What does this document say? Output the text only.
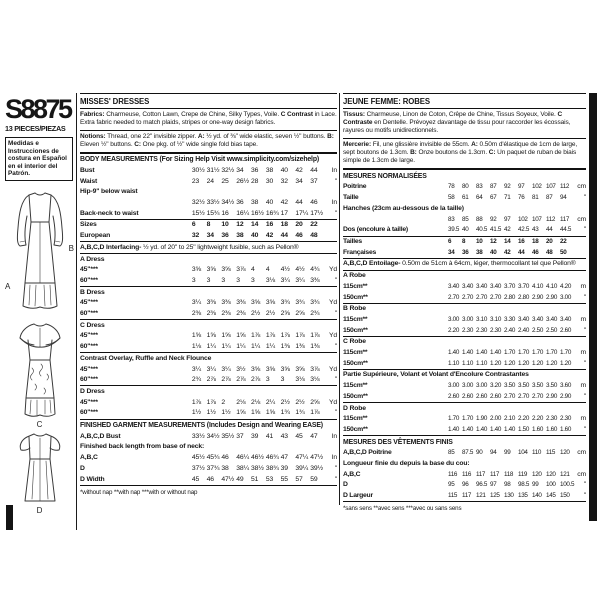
S8875
13 PIECES/PIEZAS
Medidas e Instrucciones de costura en Español en el interior del Patrón.
A
B
C
D
MISSES' DRESSES
Fabrics: Charmeuse, Cotton Lawn, Crepe de Chine, Silky Types, Voile. C Contrast in Lace. Extra fabric needed to match plaids, stripes or one-way design fabrics.
Notions: Thread, one 22" invisible zipper. A: ½ yd. of ⅜" wide elastic, seven ½" buttons. B: Eleven ½" buttons. C: One pkg. of ½" wide single fold bias tape.
BODY MEASUREMENTS (For Sizing Help Visit www.simplicity.com/sizehelp)
Bust	30½ 31½ 32½ 34	36	38	40	42	44	In
Waist	23	24	25	26½ 28	30	32	34	37	"
Hip-9" below waist
32½ 33½ 34½ 36	38	40	42	44	46	In
Back-neck to waist	15½ 15¾ 16	16¼ 16½ 16¾ 17	17¼ 17½	"
Sizes	6	8	10	12	14	16	18	20	22
European	32	34	36	38	40	42	44	46	48
A,B,C,D Interfacing- ½ yd. of 20" to 25" lightweight fusible, such as Pellon®
A Dress
45"***	3⅝ 3⅝ 3⅝ 3⅞ 4	4	4½ 4½ 4¾	Yd
60"***	3	3	3	3	3	3⅛ 3¼ 3¼ 3⅜	"
B Dress
45"***	3¼ 3⅜ 3⅜ 3⅜ 3⅝ 3⅝ 3¾ 3¾ 3¾	Yd
60"***	2⅜ 2⅜ 2⅜ 2⅜ 2½ 2½ 2⅝ 2⅝ 2¾	"
C Dress
45"***	1⅝ 1⅝ 1⅝ 1⅝ 1⅞ 1⅞ 1⅞ 1⅞ 1⅞	Yd
60"***	1⅛ 1¼ 1¼ 1¼ 1¼ 1¼ 1⅜ 1⅜ 1⅜	"
Contrast Overlay, Ruffle and Neck Flounce
45"***	3¼ 3¼ 3¼ 3½ 3⅝ 3⅝ 3⅝ 3⅝ 3⅞	Yd
60"***	2¾ 2⅞ 2⅞ 2⅞ 2⅞ 3	3	3⅛ 3⅛	"
D Dress
45"***	1⅞ 1⅞ 2	2⅛ 2⅛ 2¼ 2½ 2½ 2⅝	Yd
60"***	1½ 1½ 1½ 1⅝ 1⅝ 1⅝ 1¾ 1¾ 1⅞	"
FINISHED GARMENT MEASUREMENTS (Includes Design and Wearing EASE)
A,B,C,D Bust	33½ 34½ 35½ 37	39	41	43	45	47	In
Finished back length from base of neck:
A,B,C	45½ 45¾ 46	46¼ 46½ 46¾ 47	47¼ 47½	In
D	37½ 37¾ 38	38¼ 38½ 38¾ 39	39¼ 39½	"
D Width	45	46	47½ 49	51	53	55	57	59	"
*without nap **with nap ***with or without nap
JEUNE FEMME: ROBES
Tissus: Charmeuse, Linon de Coton, Crêpe de Chine, Tissus Soyeux, Voile. C Contraste en Dentelle. Prévoyez davantage de tissu pour raccorder les écossais, rayures ou motifs unidirectionnels.
Mercerie: Fil, une glissière invisible de 55cm. A: 0.50m d'élastique de 1cm de large, sept boutons de 1.3cm. B: Onze boutons de 1.3cm. C: Un paquet de ruban de biais simple de 1.3cm de large.
MESURES NORMALISÉES
Poitrine	78	80	83	87	92	97	102 107 112	cm
Taille	58	61	64	67	71	76	81	87	94	"
Hanches (23cm au-dessous de la taille)
83	85	88	92	97	102 107 112 117	cm
Dos (encolure à taille)	39.5 40	40.5 41.5 42	42.5 43	44	44.5	"
Tailles	6	8	10	12	14	16	18	20	22
Françaises	34	36	38	40	42	44	46	48	50
A,B,C,D Entoilage- 0.50m de 51cm à 64cm, léger, thermocollant tel que Pellon®
A Robe
115cm**	3.40 3.40 3.40 3.40 3.70 3.70 4.10 4.10 4.20	m
150cm**	2.70 2.70 2.70 2.70 2.80 2.80 2.90 2.90 3.00	"
B Robe
115cm**	3.00 3.00 3.10 3.10 3.30 3.40 3.40 3.40 3.40	m
150cm**	2.20 2.30 2.30 2.30 2.40 2.40 2.50 2.50 2.60	"
C Robe
115cm**	1.40 1.40 1.40 1.40 1.70 1.70 1.70 1.70 1.70	m
150cm**	1.10 1.10 1.10 1.20 1.20 1.20 1.20 1.20 1.20	"
Partie Supérieure, Volant et Volant d'Encolure Contrastantes
115cm**	3.00 3.00 3.00 3.20 3.50 3.50 3.50 3.50 3.60	m
150cm**	2.60 2.60 2.60 2.60 2.70 2.70 2.70 2.90 2.90	"
D Robe
115cm**	1.70 1.70 1.90 2.00 2.10 2.20 2.20 2.30 2.30	m
150cm**	1.40 1.40 1.40 1.40 1.40 1.50 1.60 1.60 1.60	"
MESURES DES VÊTEMENTS FINIS
A,B,C,D Poitrine	85	87.5 90	94	99	104 110 115 120	cm
Longueur finie du depuis la base du cou:
A,B,C	116 116 117 117 118 119 120 120 121	cm
D	95	96	96.5 97	98	98.5 99	100 100.5	"
D Largeur	115 117 121 125 130 135 140 145 150	"
*sans sens **avec sens ***avec ou sans sens
